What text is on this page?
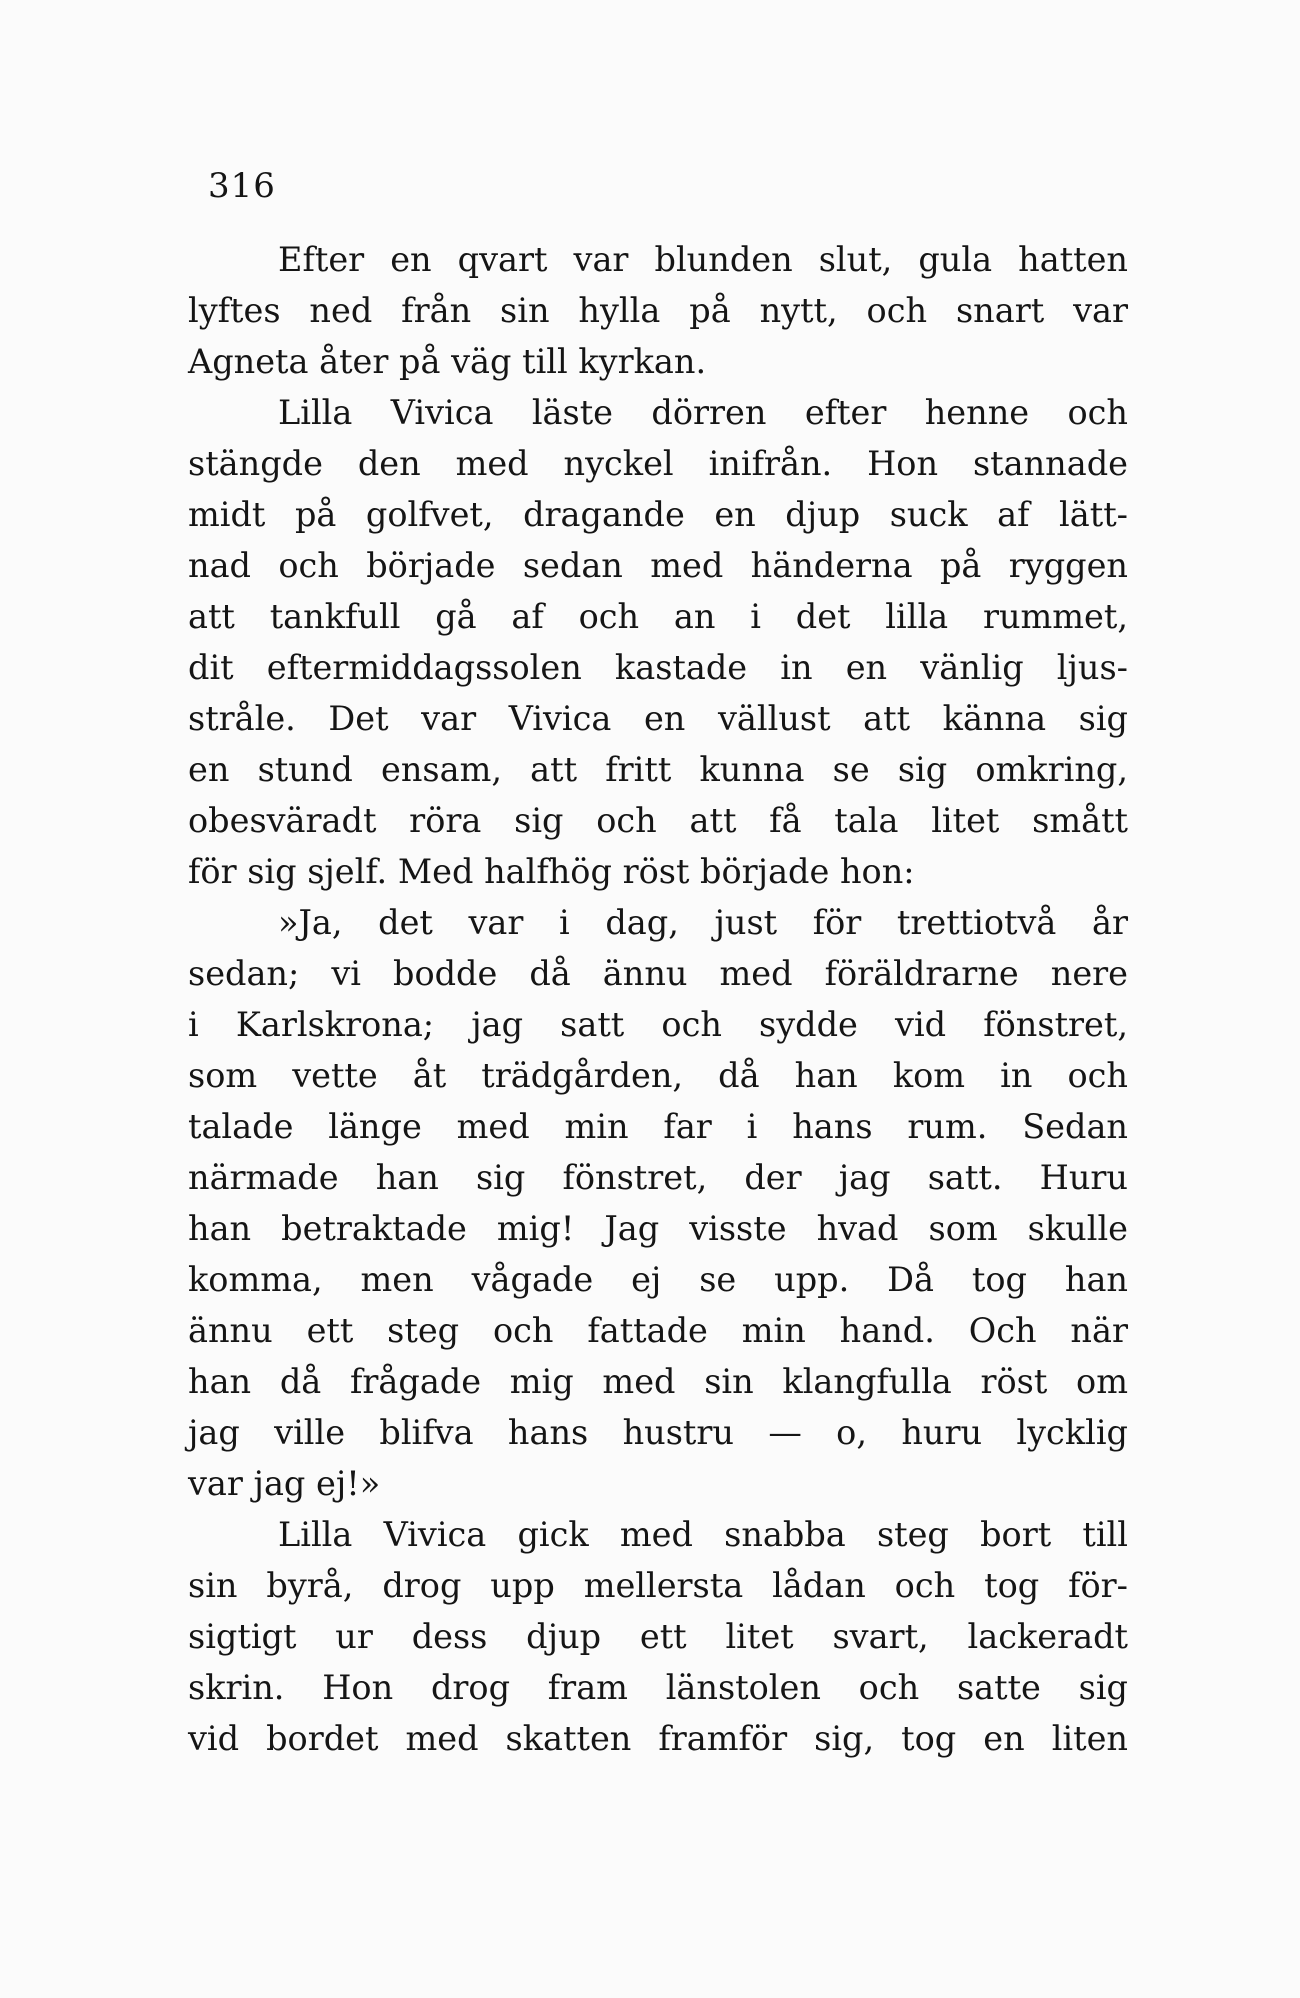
316
Efter en qvart var blunden slut, gula hatten
lyftes ned från sin hylla på nytt, och snart var
Agneta åter på väg till kyrkan.
Lilla Vivica läste dörren efter henne och
stängde den med nyckel inifrån. Hon stannade
midt på golfvet, dragande en djup suck af lätt-
nad och började sedan med händerna på ryggen
att tankfull gå af och an i det lilla rummet,
dit eftermiddagssolen kastade in en vänlig ljus-
stråle. Det var Vivica en vällust att känna sig
en stund ensam, att fritt kunna se sig omkring,
obesväradt röra sig och att få tala litet smått
för sig sjelf. Med halfhög röst började hon:
»Ja, det var i dag, just för trettiotvå år
sedan; vi bodde då ännu med föräldrarne nere
i Karlskrona; jag satt och sydde vid fönstret,
som vette åt trädgården, då han kom in och
talade länge med min far i hans rum. Sedan
närmade han sig fönstret, der jag satt. Huru
han betraktade mig! Jag visste hvad som skulle
komma, men vågade ej se upp. Då tog han
ännu ett steg och fattade min hand. Och när
han då frågade mig med sin klangfulla röst om
jag ville blifva hans hustru — o, huru lycklig
var jag ej!»
Lilla Vivica gick med snabba steg bort till
sin byrå, drog upp mellersta lådan och tog för-
sigtigt ur dess djup ett litet svart, lackeradt
skrin. Hon drog fram länstolen och satte sig
vid bordet med skatten framför sig, tog en liten
